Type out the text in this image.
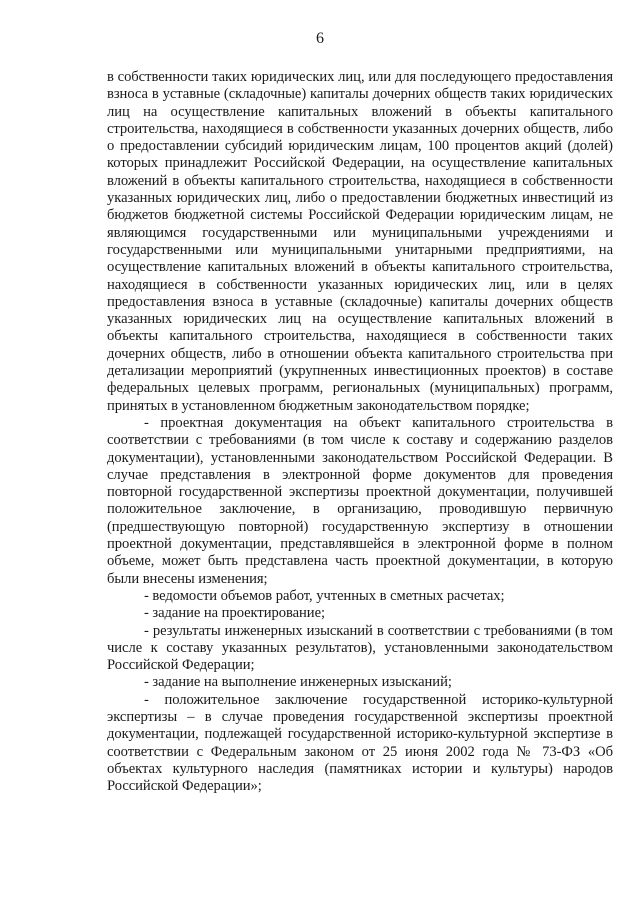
6

в собственности таких юридических лиц, или для последующего предоставления взноса в уставные (складочные) капиталы дочерних обществ таких юридических лиц на осуществление капитальных вложений в объекты капитального строительства, находящиеся в собственности указанных дочерних обществ, либо о предоставлении субсидий юридическим лицам, 100 процентов акций (долей) которых принадлежит Российской Федерации, на осуществление капитальных вложений в объекты капитального строительства, находящиеся в собственности указанных юридических лиц, либо о предоставлении бюджетных инвестиций из бюджетов бюджетной системы Российской Федерации юридическим лицам, не являющимся государственными или муниципальными учреждениями и государственными или муниципальными унитарными предприятиями, на осуществление капитальных вложений в объекты капитального строительства, находящиеся в собственности указанных юридических лиц, или в целях предоставления взноса в уставные (складочные) капиталы дочерних обществ указанных юридических лиц на осуществление капитальных вложений в объекты капитального строительства, находящиеся в собственности таких дочерних обществ, либо в отношении объекта капитального строительства при детализации мероприятий (укрупненных инвестиционных проектов) в составе федеральных целевых программ, региональных (муниципальных) программ, принятых в установленном бюджетным законодательством порядке;

- проектная документация на объект капитального строительства в соответствии с требованиями (в том числе к составу и содержанию разделов документации), установленными законодательством Российской Федерации. В случае представления в электронной форме документов для проведения повторной государственной экспертизы проектной документации, получившей положительное заключение, в организацию, проводившую первичную (предшествующую повторной) государственную экспертизу в отношении проектной документации, представлявшейся в электронной форме в полном объеме, может быть представлена часть проектной документации, в которую были внесены изменения;

- ведомости объемов работ, учтенных в сметных расчетах;

- задание на проектирование;

- результаты инженерных изысканий в соответствии с требованиями (в том числе к составу указанных результатов), установленными законодательством Российской Федерации;

- задание на выполнение инженерных изысканий;

- положительное заключение государственной историко-культурной экспертизы – в случае проведения государственной экспертизы проектной документации, подлежащей государственной историко-культурной экспертизе в соответствии с Федеральным законом от 25 июня 2002 года № 73-ФЗ «Об объектах культурного наследия (памятниках истории и культуры) народов Российской Федерации»;
